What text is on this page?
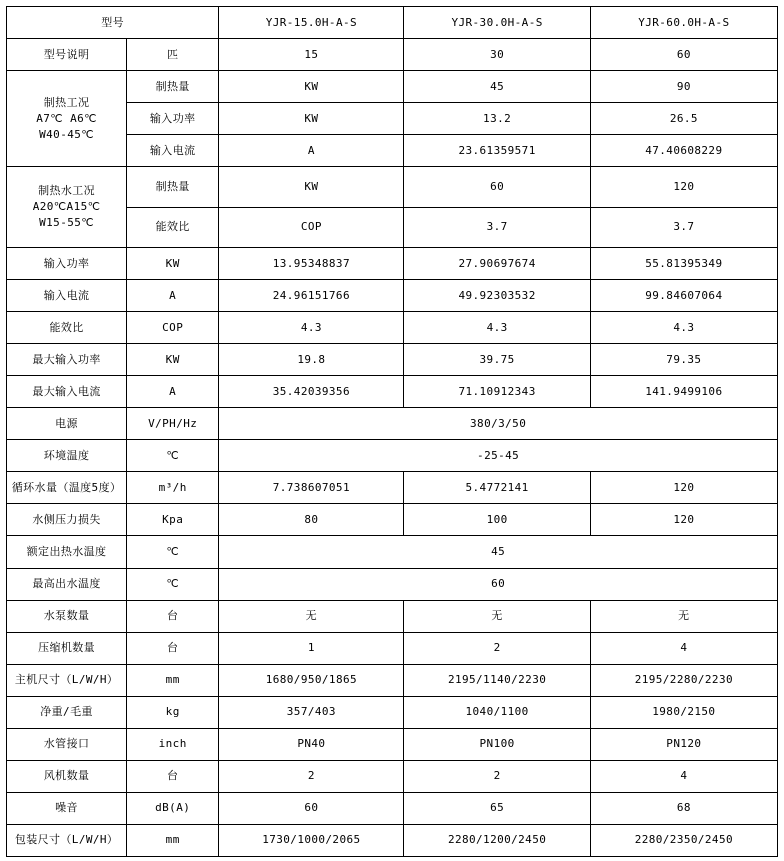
型号		YJR-15.0H-A-S	YJR-30.0H-A-S	YJR-60.0H-A-S
型号说明	匹	15	30	60

制热工况
A7℃ A6℃
W40-45℃	制热量	KW	45	90
	输入功率	KW	13.2	26.5
	输入电流	A	23.61359571	47.40608229

制热水工况
A20℃A15℃
W15-55℃	制热量	KW	60	120
	能效比	COP	3.7	3.7
输入功率	KW	13.95348837	27.90697674	55.81395349
输入电流	A	24.96151766	49.92303532	99.84607064
能效比	COP	4.3	4.3	4.3
最大输入功率	KW	19.8	39.75	79.35
最大输入电流	A	35.42039356	71.10912343	141.9499106
电源	V/PH/Hz	380/3/50		
环境温度	℃	-25-45		
循环水量（温度5度）	m³/h	7.738607051	5.4772141	120
水侧压力损失	Kpa	80	100	120
额定出热水温度	℃	45		
最高出水温度	℃	60		
水泵数量	台	无	无	无
压缩机数量	台	1	2	4
主机尺寸（L/W/H）	mm	1680/950/1865	2195/1140/2230	2195/2280/2230
净重/毛重	kg	357/403	1040/1100	1980/2150
水管接口	inch	PN40	PN100	PN120
风机数量	台	2	2	4
噪音	dB(A)	60	65	68
包装尺寸（L/W/H）	mm	1730/1000/2065	2280/1200/2450	2280/2350/2450
